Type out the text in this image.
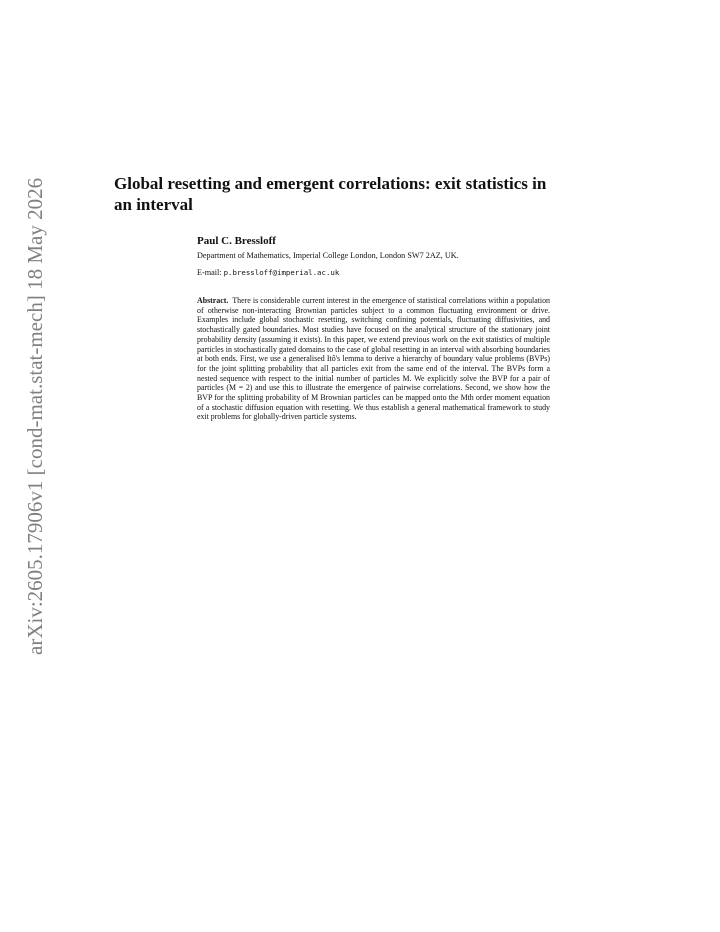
arXiv:2605.17906v1 [cond-mat.stat-mech] 18 May 2026	Global resetting and emergent correlations: exit statistics in an interval

Paul C. Bressloff

Department of Mathematics, Imperial College London, London SW7 2AZ, UK.

E-mail: p.bressloff@imperial.ac.uk

Abstract. There is considerable current interest in the emergence of statistical correlations within a population of otherwise non-interacting Brownian particles subject to a common fluctuating environment or drive. Examples include global stochastic resetting, switching confining potentials, fluctuating diffusivities, and stochastically gated boundaries. Most studies have focused on the analytical structure of the stationary joint probability density (assuming it exists). In this paper, we extend previous work on the exit statistics of multiple particles in stochastically gated domains to the case of global resetting in an interval with absorbing boundaries at both ends. First, we use a generalised Itô's lemma to derive a hierarchy of boundary value problems (BVPs) for the joint splitting probability that all particles exit from the same end of the interval. The BVPs form a nested sequence with respect to the initial number of particles M. We explicitly solve the BVP for a pair of particles (M = 2) and use this to illustrate the emergence of pairwise correlations. Second, we show how the BVP for the splitting probability of M Brownian particles can be mapped onto the Mth order moment equation of a stochastic diffusion equation with resetting. We thus establish a general mathematical framework to study exit problems for globally-driven particle systems.
